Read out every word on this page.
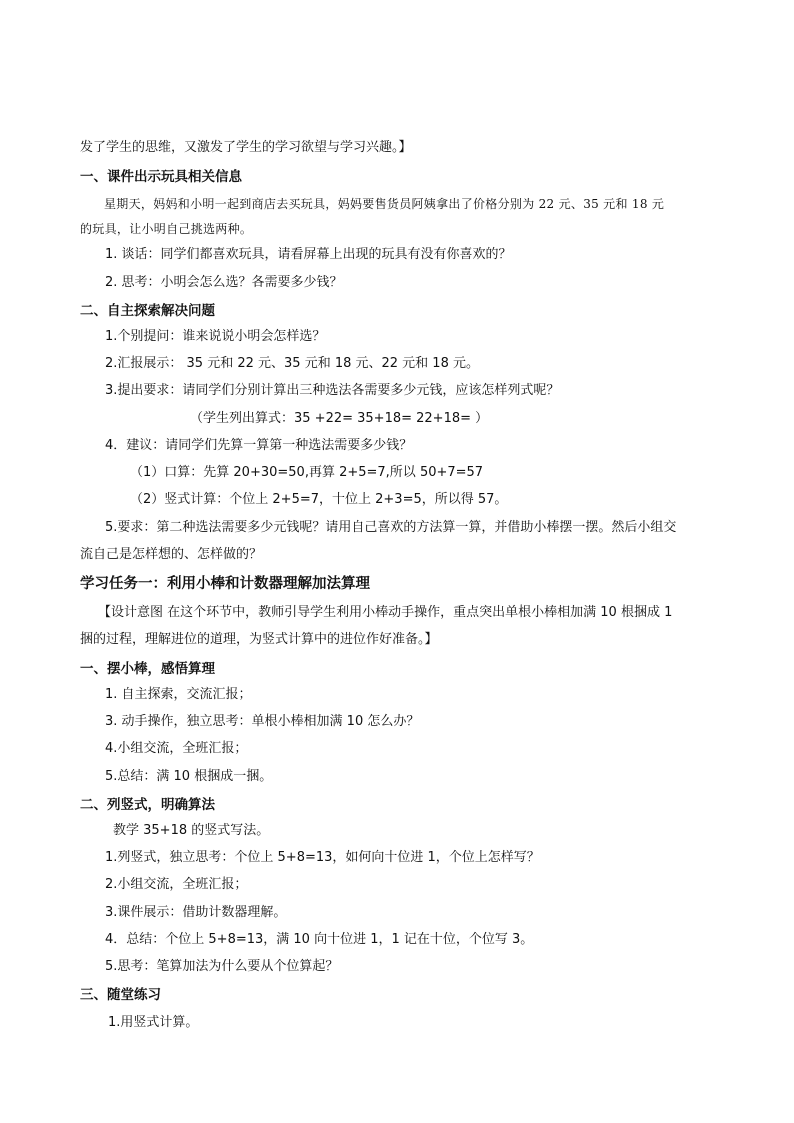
发了学生的思维，又激发了学生的学习欲望与学习兴趣。】
一、课件出示玩具相关信息
星期天，妈妈和小明一起到商店去买玩具，妈妈要售货员阿姨拿出了价格分别为 22 元、35 元和 18 元
的玩具，让小明自己挑选两种。
1. 谈话：同学们都喜欢玩具，请看屏幕上出现的玩具有没有你喜欢的？
2. 思考：小明会怎么选？各需要多少钱？
二、自主探索解决问题
1.个别提问：谁来说说小明会怎样选？
2.汇报展示： 35 元和 22 元、35 元和 18 元、22 元和 18 元。
3.提出要求：请同学们分别计算出三种选法各需要多少元钱，应该怎样列式呢？
（学生列出算式：35 +22= 35+18= 22+18= ）
4．建议：请同学们先算一算第一种选法需要多少钱？
（1）口算：先算 20+30=50,再算 2+5=7,所以 50+7=57
（2）竖式计算：个位上 2+5=7，十位上 2+3=5，所以得 57。
5.要求：第二种选法需要多少元钱呢？请用自己喜欢的方法算一算，并借助小棒摆一摆。然后小组交
流自己是怎样想的、怎样做的？
学习任务一：利用小棒和计数器理解加法算理
【设计意图 在这个环节中，教师引导学生利用小棒动手操作，重点突出单根小棒相加满 10 根捆成 1
捆的过程，理解进位的道理，为竖式计算中的进位作好准备。】
一、摆小棒，感悟算理
1. 自主探索，交流汇报；
3. 动手操作，独立思考：单根小棒相加满 10 怎么办？
4.小组交流，全班汇报；
5.总结：满 10 根捆成一捆。
二、列竖式，明确算法
教学 35+18 的竖式写法。
1.列竖式，独立思考：个位上 5+8=13，如何向十位进 1，个位上怎样写？
2.小组交流，全班汇报；
3.课件展示：借助计数器理解。
4．总结：个位上 5+8=13，满 10 向十位进 1，1 记在十位，个位写 3。
5.思考：笔算加法为什么要从个位算起？
三、随堂练习
1.用竖式计算。
